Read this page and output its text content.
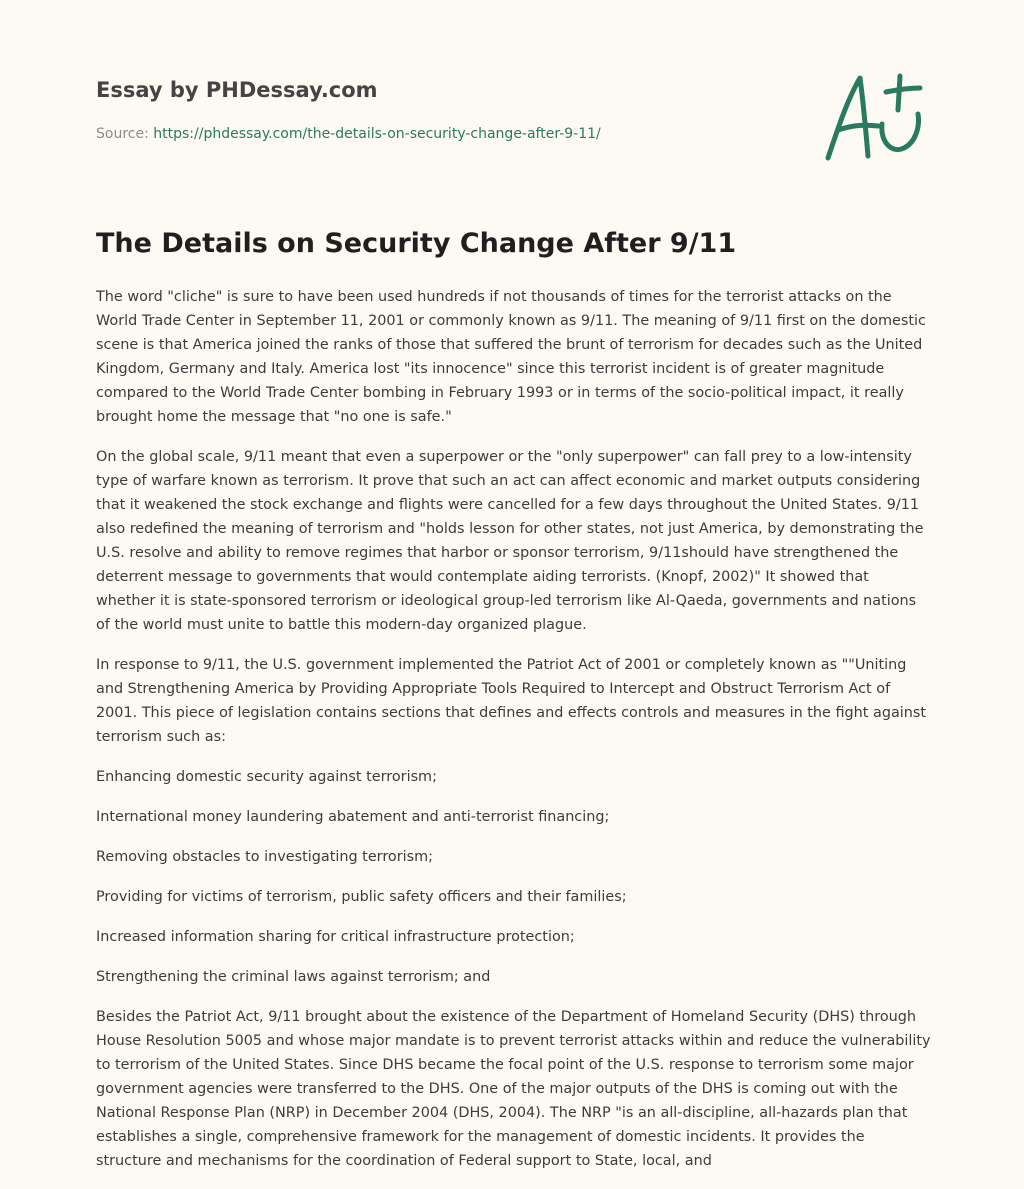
Essay by PHDessay.com
Source: https://phdessay.com/the-details-on-security-change-after-9-11/
The Details on Security Change After 9/11

The word "cliche" is sure to have been used hundreds if not thousands of times for the terrorist attacks on the World Trade Center in September 11, 2001 or commonly known as 9/11. The meaning of 9/11 first on the domestic scene is that America joined the ranks of those that suffered the brunt of terrorism for decades such as the United Kingdom, Germany and Italy. America lost "its innocence" since this terrorist incident is of greater magnitude compared to the World Trade Center bombing in February 1993 or in terms of the socio-political impact, it really brought home the message that "no one is safe."

On the global scale, 9/11 meant that even a superpower or the "only superpower" can fall prey to a low-intensity type of warfare known as terrorism. It prove that such an act can affect economic and market outputs considering that it weakened the stock exchange and flights were cancelled for a few days throughout the United States. 9/11 also redefined the meaning of terrorism and "holds lesson for other states, not just America, by demonstrating the U.S. resolve and ability to remove regimes that harbor or sponsor terrorism, 9/11should have strengthened the deterrent message to governments that would contemplate aiding terrorists. (Knopf, 2002)" It showed that whether it is state-sponsored terrorism or ideological group-led terrorism like Al-Qaeda, governments and nations of the world must unite to battle this modern-day organized plague.

In response to 9/11, the U.S. government implemented the Patriot Act of 2001 or completely known as ""Uniting and Strengthening America by Providing Appropriate Tools Required to Intercept and Obstruct Terrorism Act of 2001. This piece of legislation contains sections that defines and effects controls and measures in the fight against terrorism such as:

Enhancing domestic security against terrorism;

International money laundering abatement and anti-terrorist financing;

Removing obstacles to investigating terrorism;

Providing for victims of terrorism, public safety officers and their families;

Increased information sharing for critical infrastructure protection;

Strengthening the criminal laws against terrorism; and

Besides the Patriot Act, 9/11 brought about the existence of the Department of Homeland Security (DHS) through House Resolution 5005 and whose major mandate is to prevent terrorist attacks within and reduce the vulnerability to terrorism of the United States. Since DHS became the focal point of the U.S. response to terrorism some major government agencies were transferred to the DHS. One of the major outputs of the DHS is coming out with the National Response Plan (NRP) in December 2004 (DHS, 2004). The NRP "is an all-discipline, all-hazards plan that establishes a single, comprehensive framework for the management of domestic incidents. It provides the structure and mechanisms for the coordination of Federal support to State, local, and
